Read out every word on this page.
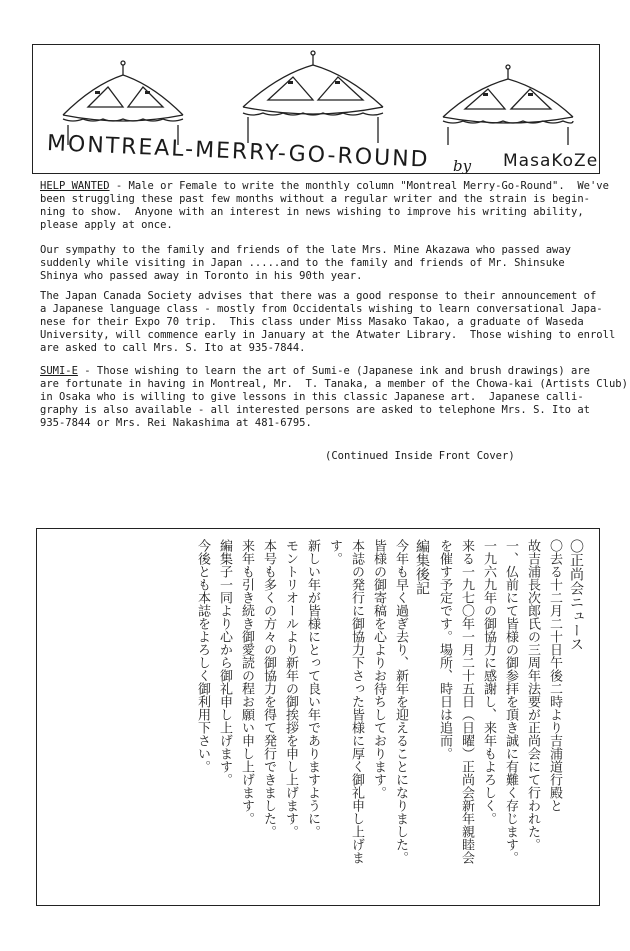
MONTREAL-MERRY-GO-ROUND	by MasaKoZe
HELP WANTED - Male or Female to write the monthly column "Montreal Merry-Go-Round".  We've
been struggling these past few months without a regular writer and the strain is begin-
ning to show.  Anyone with an interest in news wishing to improve his writing ability,
please apply at once.
Our sympathy to the family and friends of the late Mrs. Mine Akazawa who passed away
suddenly while visiting in Japan .....and to the family and friends of Mr. Shinsuke
Shinya who passed away in Toronto in his 90th year.
The Japan Canada Society advises that there was a good response to their announcement of
a Japanese language class - mostly from Occidentals wishing to learn conversational Japa-
nese for their Expo 70 trip.  This class under Miss Masako Takao, a graduate of Waseda
University, will commence early in January at the Atwater Library.  Those wishing to enroll
are asked to call Mrs. S. Ito at 935-7844.
SUMI-E - Those wishing to learn the art of Sumi-e (Japanese ink and brush drawings) are
are fortunate in having in Montreal, Mr.  T. Tanaka, a member of the Chowa-kai (Artists Club)
in Osaka who is willing to give lessons in this classic Japanese art.  Japanese calli-
graphy is also available - all interested persons are asked to telephone Mrs. S. Ito at
935-7844 or Mrs. Rei Nakashima at 481-6795.
(Continued Inside Front Cover)
〇正尚会ニュース
〇去る十二月二十日午後二時より吉浦道行殿と
故吉浦長次郎氏の三周年法要が正尚会にて行われた。
一、仏前にて皆様の御参拝を頂き誠に有難く存じます。
一九六九年の御協力に感謝し、来年もよろしく。
来る一九七〇年一月二十五日（日曜）正尚会新年親睦会
を催す予定です。場所、時日は追而。
編集後記
今年も早く過ぎ去り、新年を迎えることになりました。
皆様の御寄稿を心よりお待ちしております。
本誌の発行に御協力下さった皆様に厚く御礼申し上げます。
新しい年が皆様にとって良い年でありますように。
モントリオールより新年の御挨拶を申し上げます。
本号も多くの方々の御協力を得て発行できました。
来年も引き続き御愛読の程お願い申し上げます。
編集子一同より心から御礼申し上げます。
今後とも本誌をよろしく御利用下さい。
